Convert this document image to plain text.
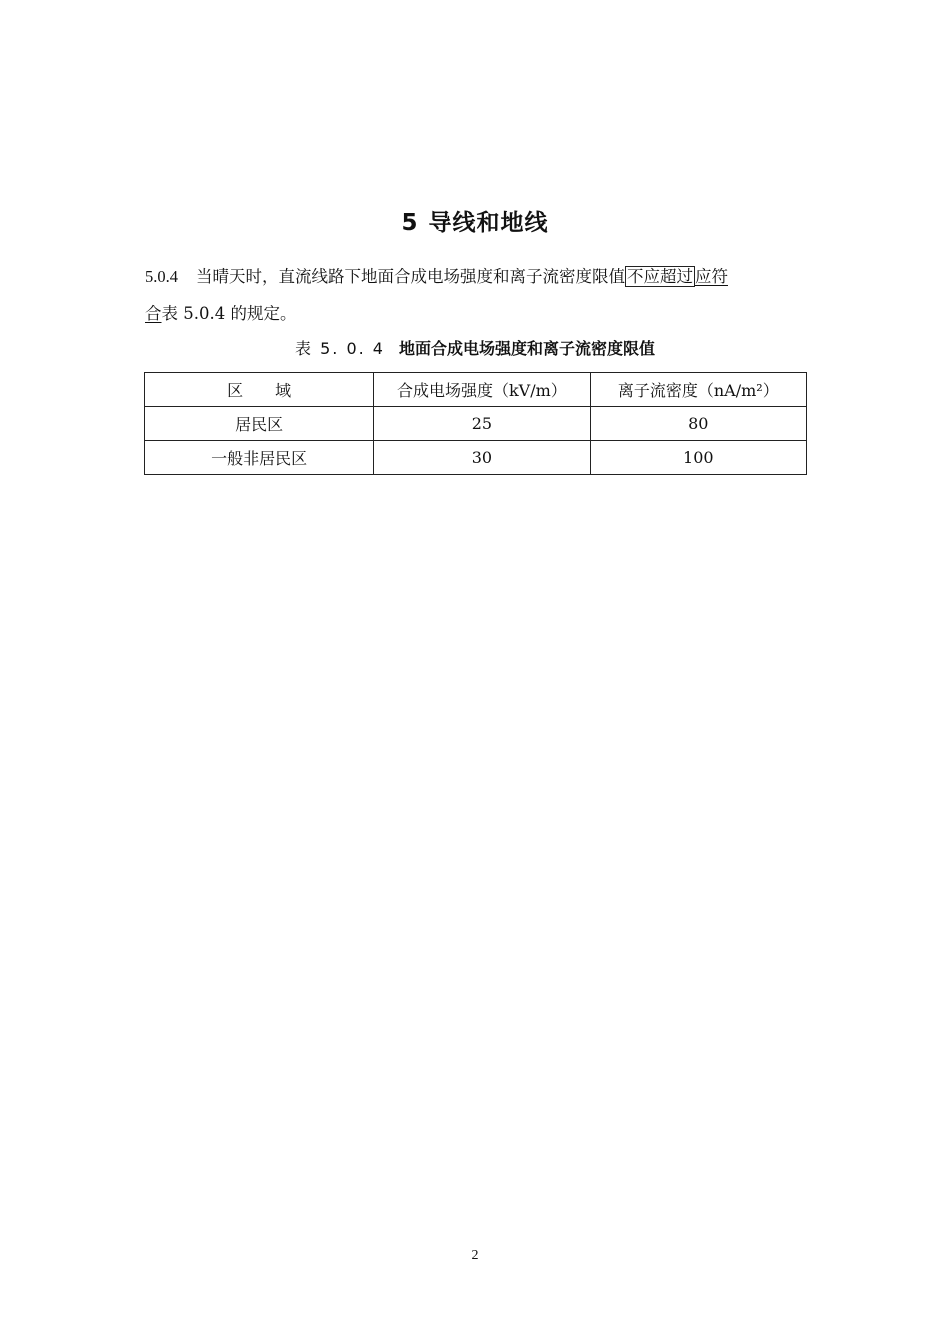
5 导线和地线
5.0.4 当晴天时，直流线路下地面合成电场强度和离子流密度限值 不应超过 应符
合表 5.0.4 的规定。
表 5. 0. 4 地面合成电场强度和离子流密度限值
区　　域	合成电场强度（kV/m）	离子流密度（nA/m²）
居民区	25	80
一般非居民区	30	100
2
